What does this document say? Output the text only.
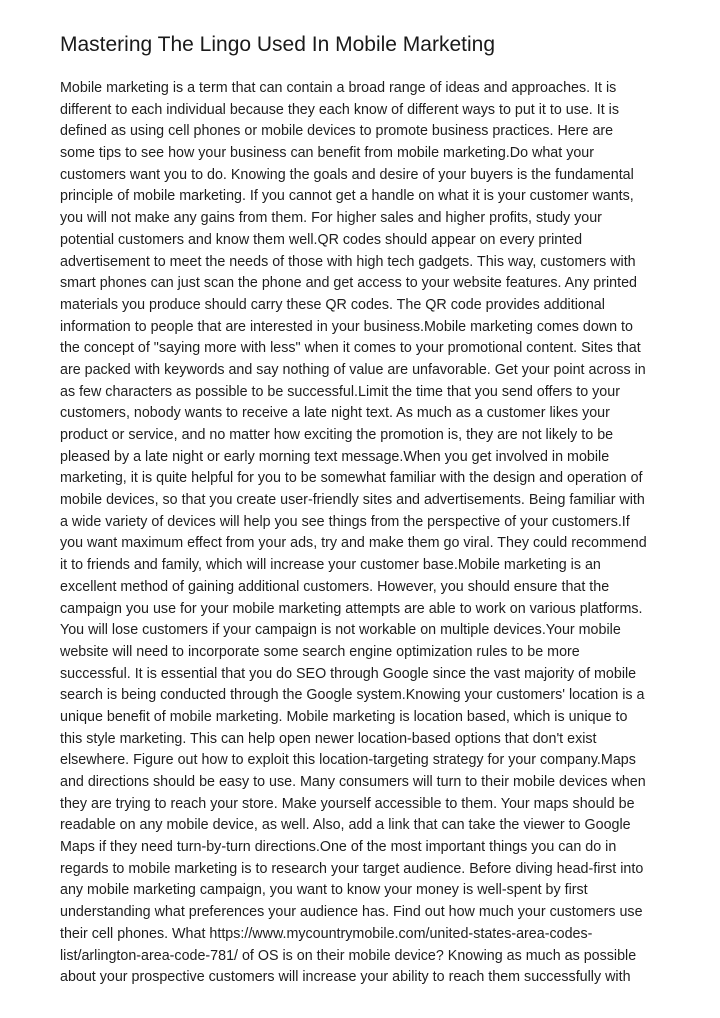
Mastering The Lingo Used In Mobile Marketing
Mobile marketing is a term that can contain a broad range of ideas and approaches. It is
different to each individual because they each know of different ways to put it to use. It is
defined as using cell phones or mobile devices to promote business practices. Here are
some tips to see how your business can benefit from mobile marketing.Do what your
customers want you to do. Knowing the goals and desire of your buyers is the fundamental
principle of mobile marketing. If you cannot get a handle on what it is your customer wants,
you will not make any gains from them. For higher sales and higher profits, study your
potential customers and know them well.QR codes should appear on every printed
advertisement to meet the needs of those with high tech gadgets. This way, customers with
smart phones can just scan the phone and get access to your website features. Any printed
materials you produce should carry these QR codes. The QR code provides additional
information to people that are interested in your business.Mobile marketing comes down to
the concept of "saying more with less" when it comes to your promotional content. Sites that
are packed with keywords and say nothing of value are unfavorable. Get your point across in
as few characters as possible to be successful.Limit the time that you send offers to your
customers, nobody wants to receive a late night text. As much as a customer likes your
product or service, and no matter how exciting the promotion is, they are not likely to be
pleased by a late night or early morning text message.When you get involved in mobile
marketing, it is quite helpful for you to be somewhat familiar with the design and operation of
mobile devices, so that you create user-friendly sites and advertisements. Being familiar with
a wide variety of devices will help you see things from the perspective of your customers.If
you want maximum effect from your ads, try and make them go viral. They could recommend
it to friends and family, which will increase your customer base.Mobile marketing is an
excellent method of gaining additional customers. However, you should ensure that the
campaign you use for your mobile marketing attempts are able to work on various platforms.
You will lose customers if your campaign is not workable on multiple devices.Your mobile
website will need to incorporate some search engine optimization rules to be more
successful. It is essential that you do SEO through Google since the vast majority of mobile
search is being conducted through the Google system.Knowing your customers' location is a
unique benefit of mobile marketing. Mobile marketing is location based, which is unique to
this style marketing. This can help open newer location-based options that don't exist
elsewhere. Figure out how to exploit this location-targeting strategy for your company.Maps
and directions should be easy to use. Many consumers will turn to their mobile devices when
they are trying to reach your store. Make yourself accessible to them. Your maps should be
readable on any mobile device, as well. Also, add a link that can take the viewer to Google
Maps if they need turn-by-turn directions.One of the most important things you can do in
regards to mobile marketing is to research your target audience. Before diving head-first into
any mobile marketing campaign, you want to know your money is well-spent by first
understanding what preferences your audience has. Find out how much your customers use
their cell phones. What https://www.mycountrymobile.com/united-states-area-codes-
list/arlington-area-code-781/ of OS is on their mobile device? Knowing as much as possible
about your prospective customers will increase your ability to reach them successfully with
